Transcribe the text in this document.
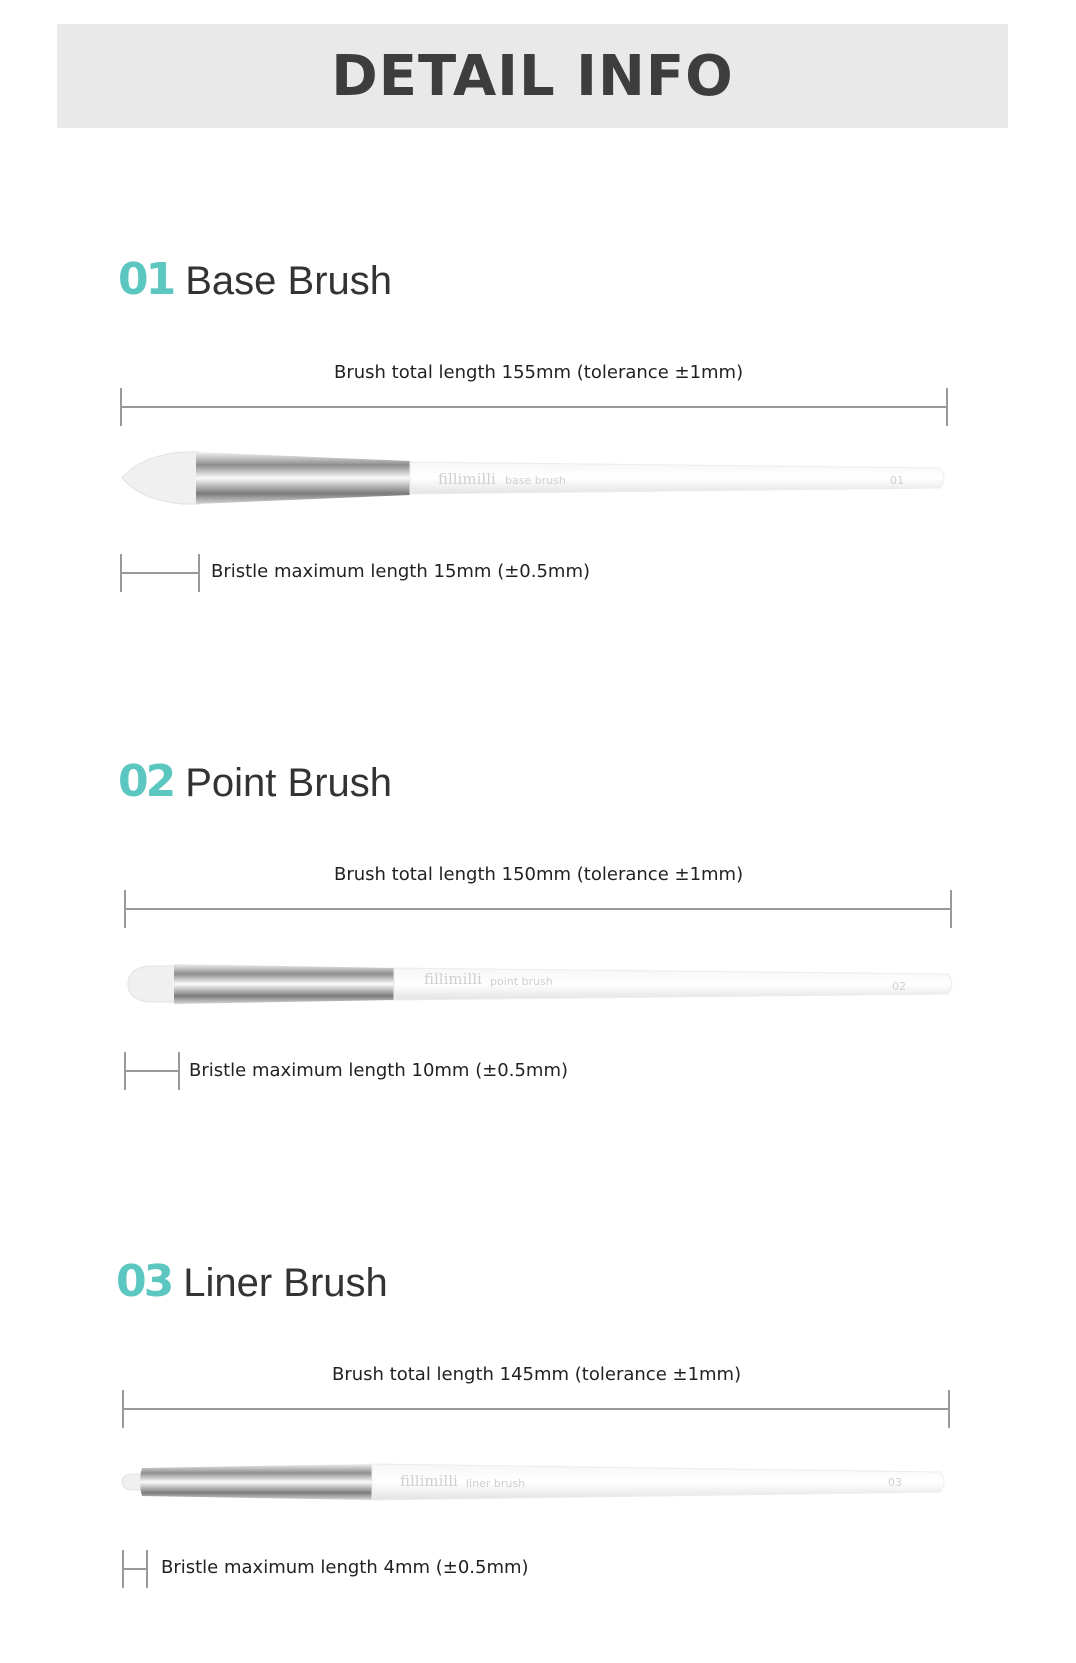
DETAIL INFO
01 Base Brush
Brush total length 155mm (tolerance ±1mm)
fillimilli base brush	01
Bristle maximum length 15mm (±0.5mm)
02 Point Brush
Brush total length 150mm (tolerance ±1mm)
fillimilli point brush	02
Bristle maximum length 10mm (±0.5mm)
03 Liner Brush
Brush total length 145mm (tolerance ±1mm)
fillimilli liner brush	03
Bristle maximum length 4mm (±0.5mm)
